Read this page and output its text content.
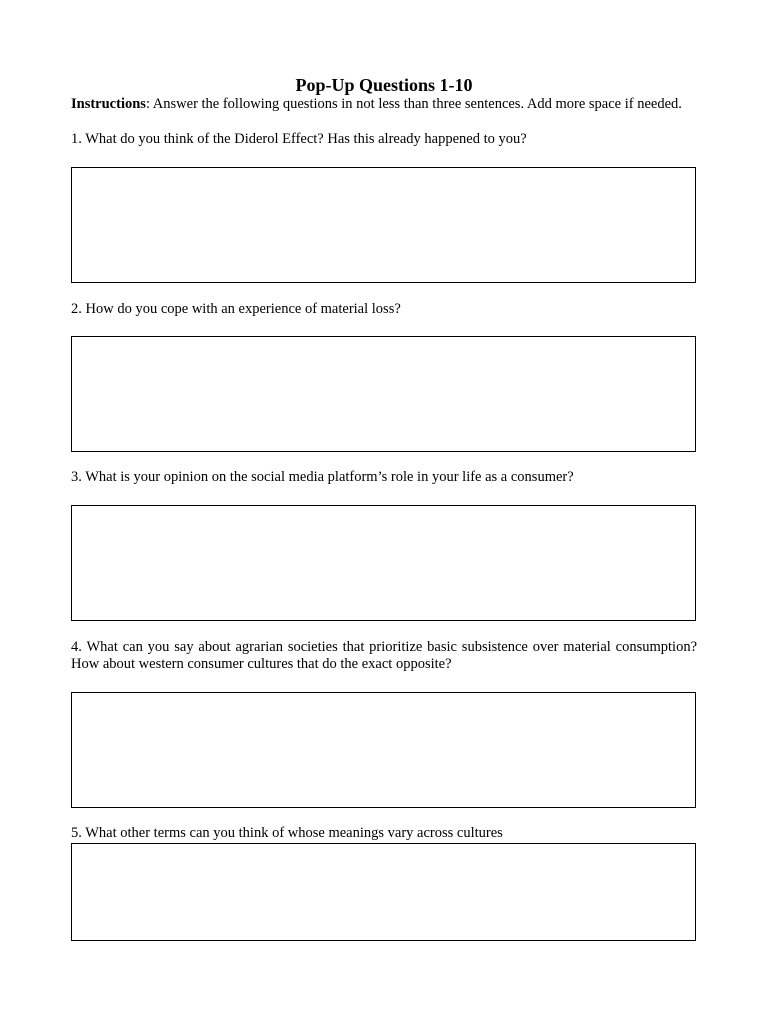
Pop-Up Questions 1-10
Instructions: Answer the following questions in not less than three sentences. Add more space if needed.
1. What do you think of the Diderol Effect? Has this already happened to you?
2. How do you cope with an experience of material loss?
3. What is your opinion on the social media platform’s role in your life as a consumer?
4. What can you say about agrarian societies that prioritize basic subsistence over material consumption? How about western consumer cultures that do the exact opposite?
5. What other terms can you think of whose meanings vary across cultures
